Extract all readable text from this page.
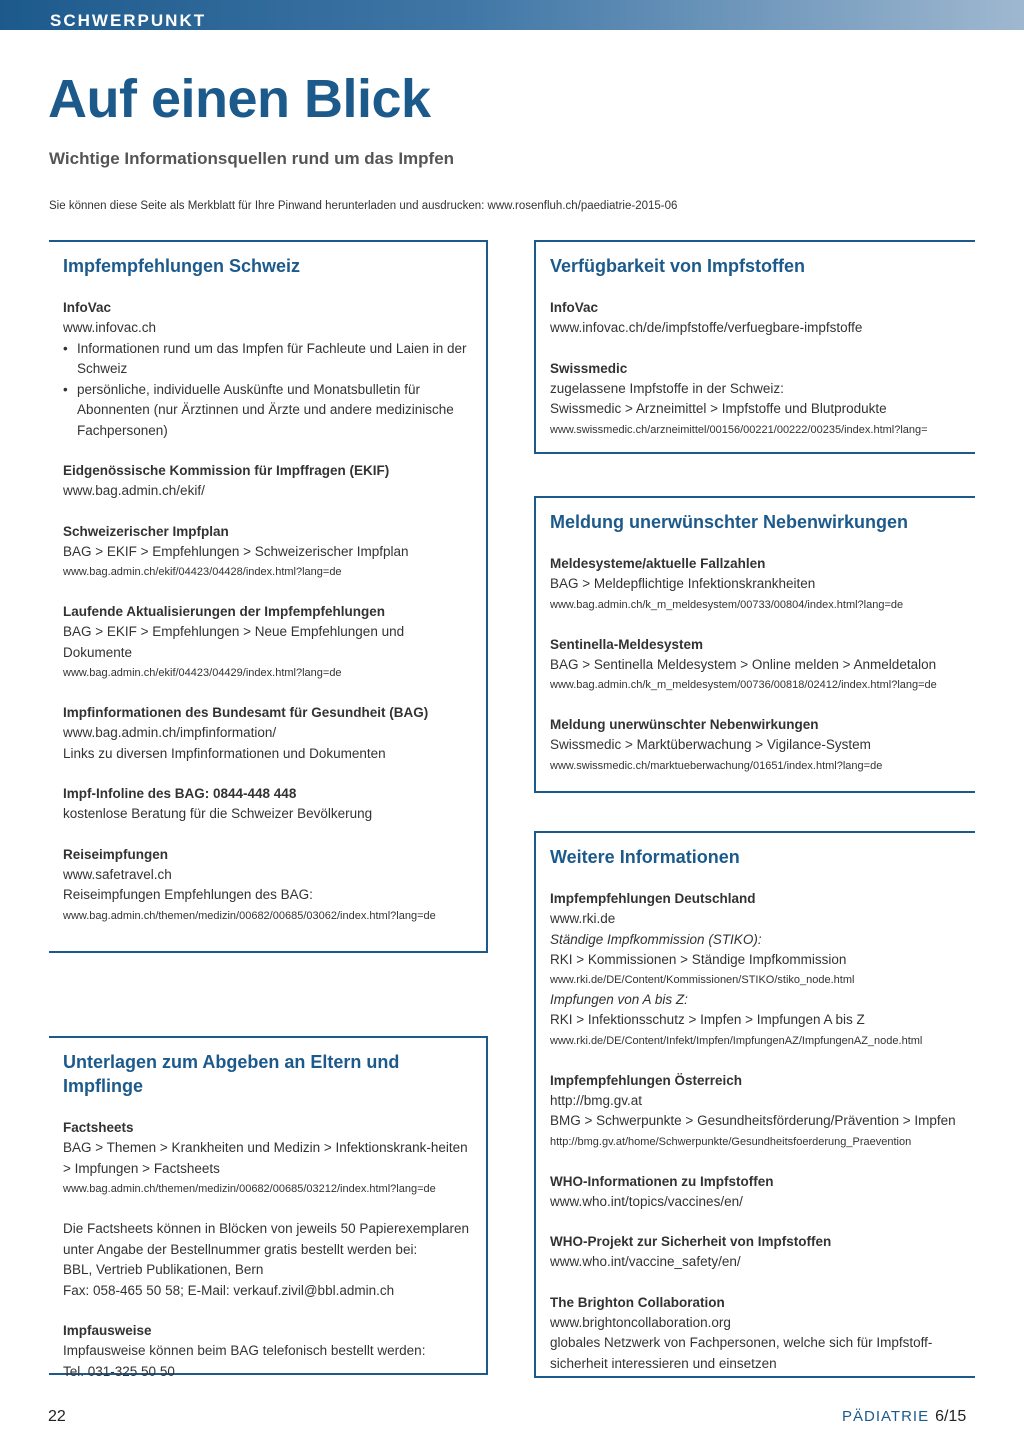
SCHWERPUNKT
Auf einen Blick
Wichtige Informationsquellen rund um das Impfen
Sie können diese Seite als Merkblatt für Ihre Pinwand herunterladen und ausdrucken: www.rosenfluh.ch/paediatrie-2015-06
Impfempfehlungen Schweiz
InfoVac
www.infovac.ch
• Informationen rund um das Impfen für Fachleute und Laien in der Schweiz
• persönliche, individuelle Auskünfte und Monatsbulletin für Abonnenten (nur Ärztinnen und Ärzte und andere medizinische Fachpersonen)
Eidgenössische Kommission für Impffragen (EKIF)
www.bag.admin.ch/ekif/
Schweizerischer Impfplan
BAG > EKIF > Empfehlungen > Schweizerischer Impfplan
www.bag.admin.ch/ekif/04423/04428/index.html?lang=de
Laufende Aktualisierungen der Impfempfehlungen
BAG > EKIF > Empfehlungen > Neue Empfehlungen und Dokumente
www.bag.admin.ch/ekif/04423/04429/index.html?lang=de
Impfinformationen des Bundesamt für Gesundheit (BAG)
www.bag.admin.ch/impfinformation/
Links zu diversen Impfinformationen und Dokumenten
Impf-Infoline des BAG: 0844-448 448
kostenlose Beratung für die Schweizer Bevölkerung
Reiseimpfungen
www.safetravel.ch
Reiseimpfungen Empfehlungen des BAG:
www.bag.admin.ch/themen/medizin/00682/00685/03062/index.html?lang=de
Unterlagen zum Abgeben an Eltern und Impflinge
Factsheets
BAG > Themen > Krankheiten und Medizin > Infektionskrank-heiten > Impfungen > Factsheets
www.bag.admin.ch/themen/medizin/00682/00685/03212/index.html?lang=de
Die Factsheets können in Blöcken von jeweils 50 Papierexemplaren unter Angabe der Bestellnummer gratis bestellt werden bei:
BBL, Vertrieb Publikationen, Bern
Fax: 058-465 50 58; E-Mail: verkauf.zivil@bbl.admin.ch
Impfausweise
Impfausweise können beim BAG telefonisch bestellt werden:
Tel. 031-325 50 50
Verfügbarkeit von Impfstoffen
InfoVac
www.infovac.ch/de/impfstoffe/verfuegbare-impfstoffe
Swissmedic
zugelassene Impfstoffe in der Schweiz:
Swissmedic > Arzneimittel > Impfstoffe und Blutprodukte
www.swissmedic.ch/arzneimittel/00156/00221/00222/00235/index.html?lang=
Meldung unerwünschter Nebenwirkungen
Meldesysteme/aktuelle Fallzahlen
BAG > Meldepflichtige Infektionskrankheiten
www.bag.admin.ch/k_m_meldesystem/00733/00804/index.html?lang=de
Sentinella-Meldesystem
BAG > Sentinella Meldesystem > Online melden > Anmeldetalon
www.bag.admin.ch/k_m_meldesystem/00736/00818/02412/index.html?lang=de
Meldung unerwünschter Nebenwirkungen
Swissmedic > Marktüberwachung > Vigilance-System
www.swissmedic.ch/marktueberwachung/01651/index.html?lang=de
Weitere Informationen
Impfempfehlungen Deutschland
www.rki.de
Ständige Impfkommission (STIKO):
RKI > Kommissionen > Ständige Impfkommission
www.rki.de/DE/Content/Kommissionen/STIKO/stiko_node.html
Impfungen von A bis Z:
RKI > Infektionsschutz > Impfen > Impfungen A bis Z
www.rki.de/DE/Content/Infekt/Impfen/ImpfungenAZ/ImpfungenAZ_node.html
Impfempfehlungen Österreich
http://bmg.gv.at
BMG > Schwerpunkte > Gesundheitsförderung/Prävention > Impfen
http://bmg.gv.at/home/Schwerpunkte/Gesundheitsfoerderung_Praevention
WHO-Informationen zu Impfstoffen
www.who.int/topics/vaccines/en/
WHO-Projekt zur Sicherheit von Impfstoffen
www.who.int/vaccine_safety/en/
The Brighton Collaboration
www.brightoncollaboration.org
globales Netzwerk von Fachpersonen, welche sich für Impfstoff-sicherheit interessieren und einsetzen
22	PÄDIATRIE 6/15
